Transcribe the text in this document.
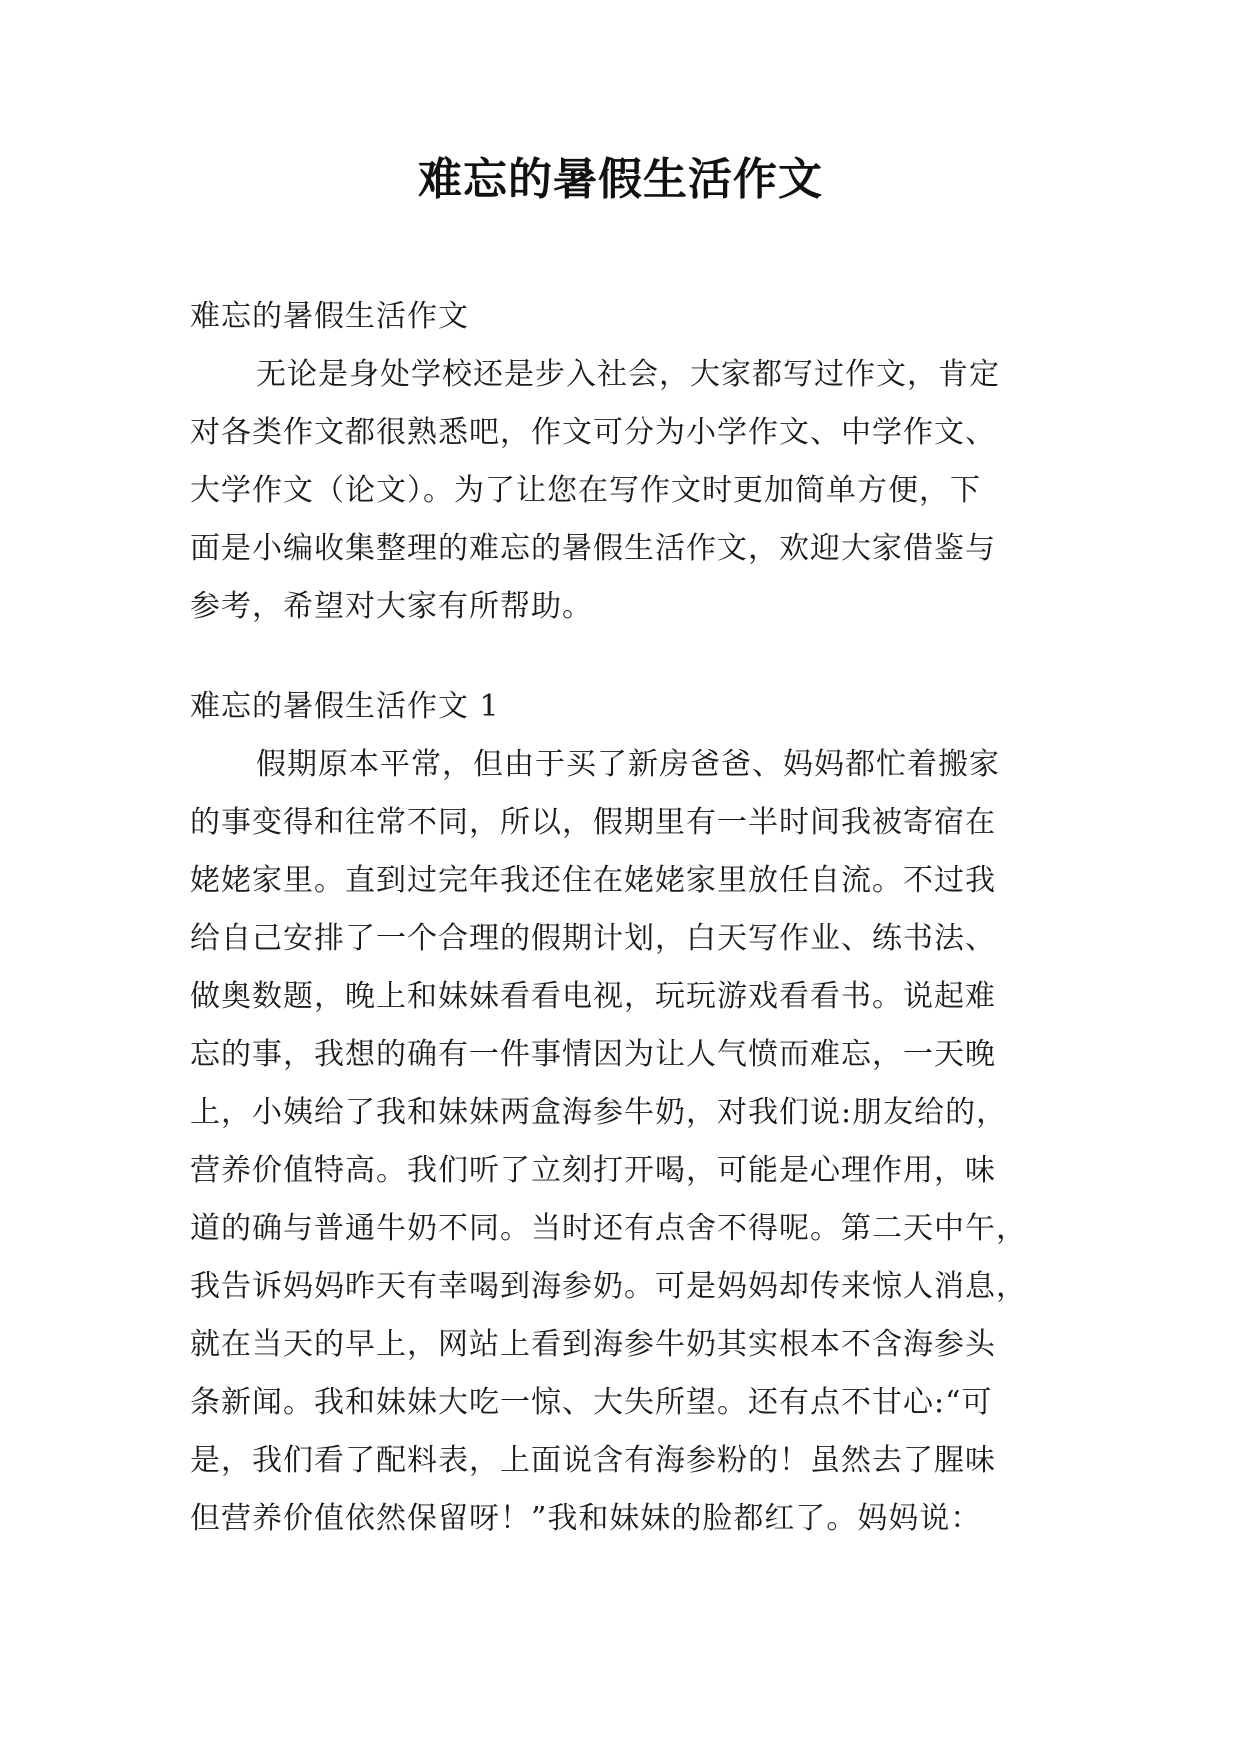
难忘的暑假生活作文
难忘的暑假生活作文
无论是身处学校还是步入社会，大家都写过作文，肯定
对各类作文都很熟悉吧，作文可分为小学作文、中学作文、
大学作文（论文）。为了让您在写作文时更加简单方便，下
面是小编收集整理的难忘的暑假生活作文，欢迎大家借鉴与
参考，希望对大家有所帮助。
难忘的暑假生活作文 1
假期原本平常，但由于买了新房爸爸、妈妈都忙着搬家
的事变得和往常不同，所以，假期里有一半时间我被寄宿在
姥姥家里。直到过完年我还住在姥姥家里放任自流。不过我
给自己安排了一个合理的假期计划，白天写作业、练书法、
做奥数题，晚上和妹妹看看电视，玩玩游戏看看书。说起难
忘的事，我想的确有一件事情因为让人气愤而难忘，一天晚
上，小姨给了我和妹妹两盒海参牛奶，对我们说:朋友给的，
营养价值特高。我们听了立刻打开喝，可能是心理作用，味
道的确与普通牛奶不同。当时还有点舍不得呢。第二天中午，
我告诉妈妈昨天有幸喝到海参奶。可是妈妈却传来惊人消息，
就在当天的早上，网站上看到海参牛奶其实根本不含海参头
条新闻。我和妹妹大吃一惊、大失所望。还有点不甘心:“可
是，我们看了配料表，上面说含有海参粉的！虽然去了腥味
但营养价值依然保留呀！”我和妹妹的脸都红了。妈妈说：
